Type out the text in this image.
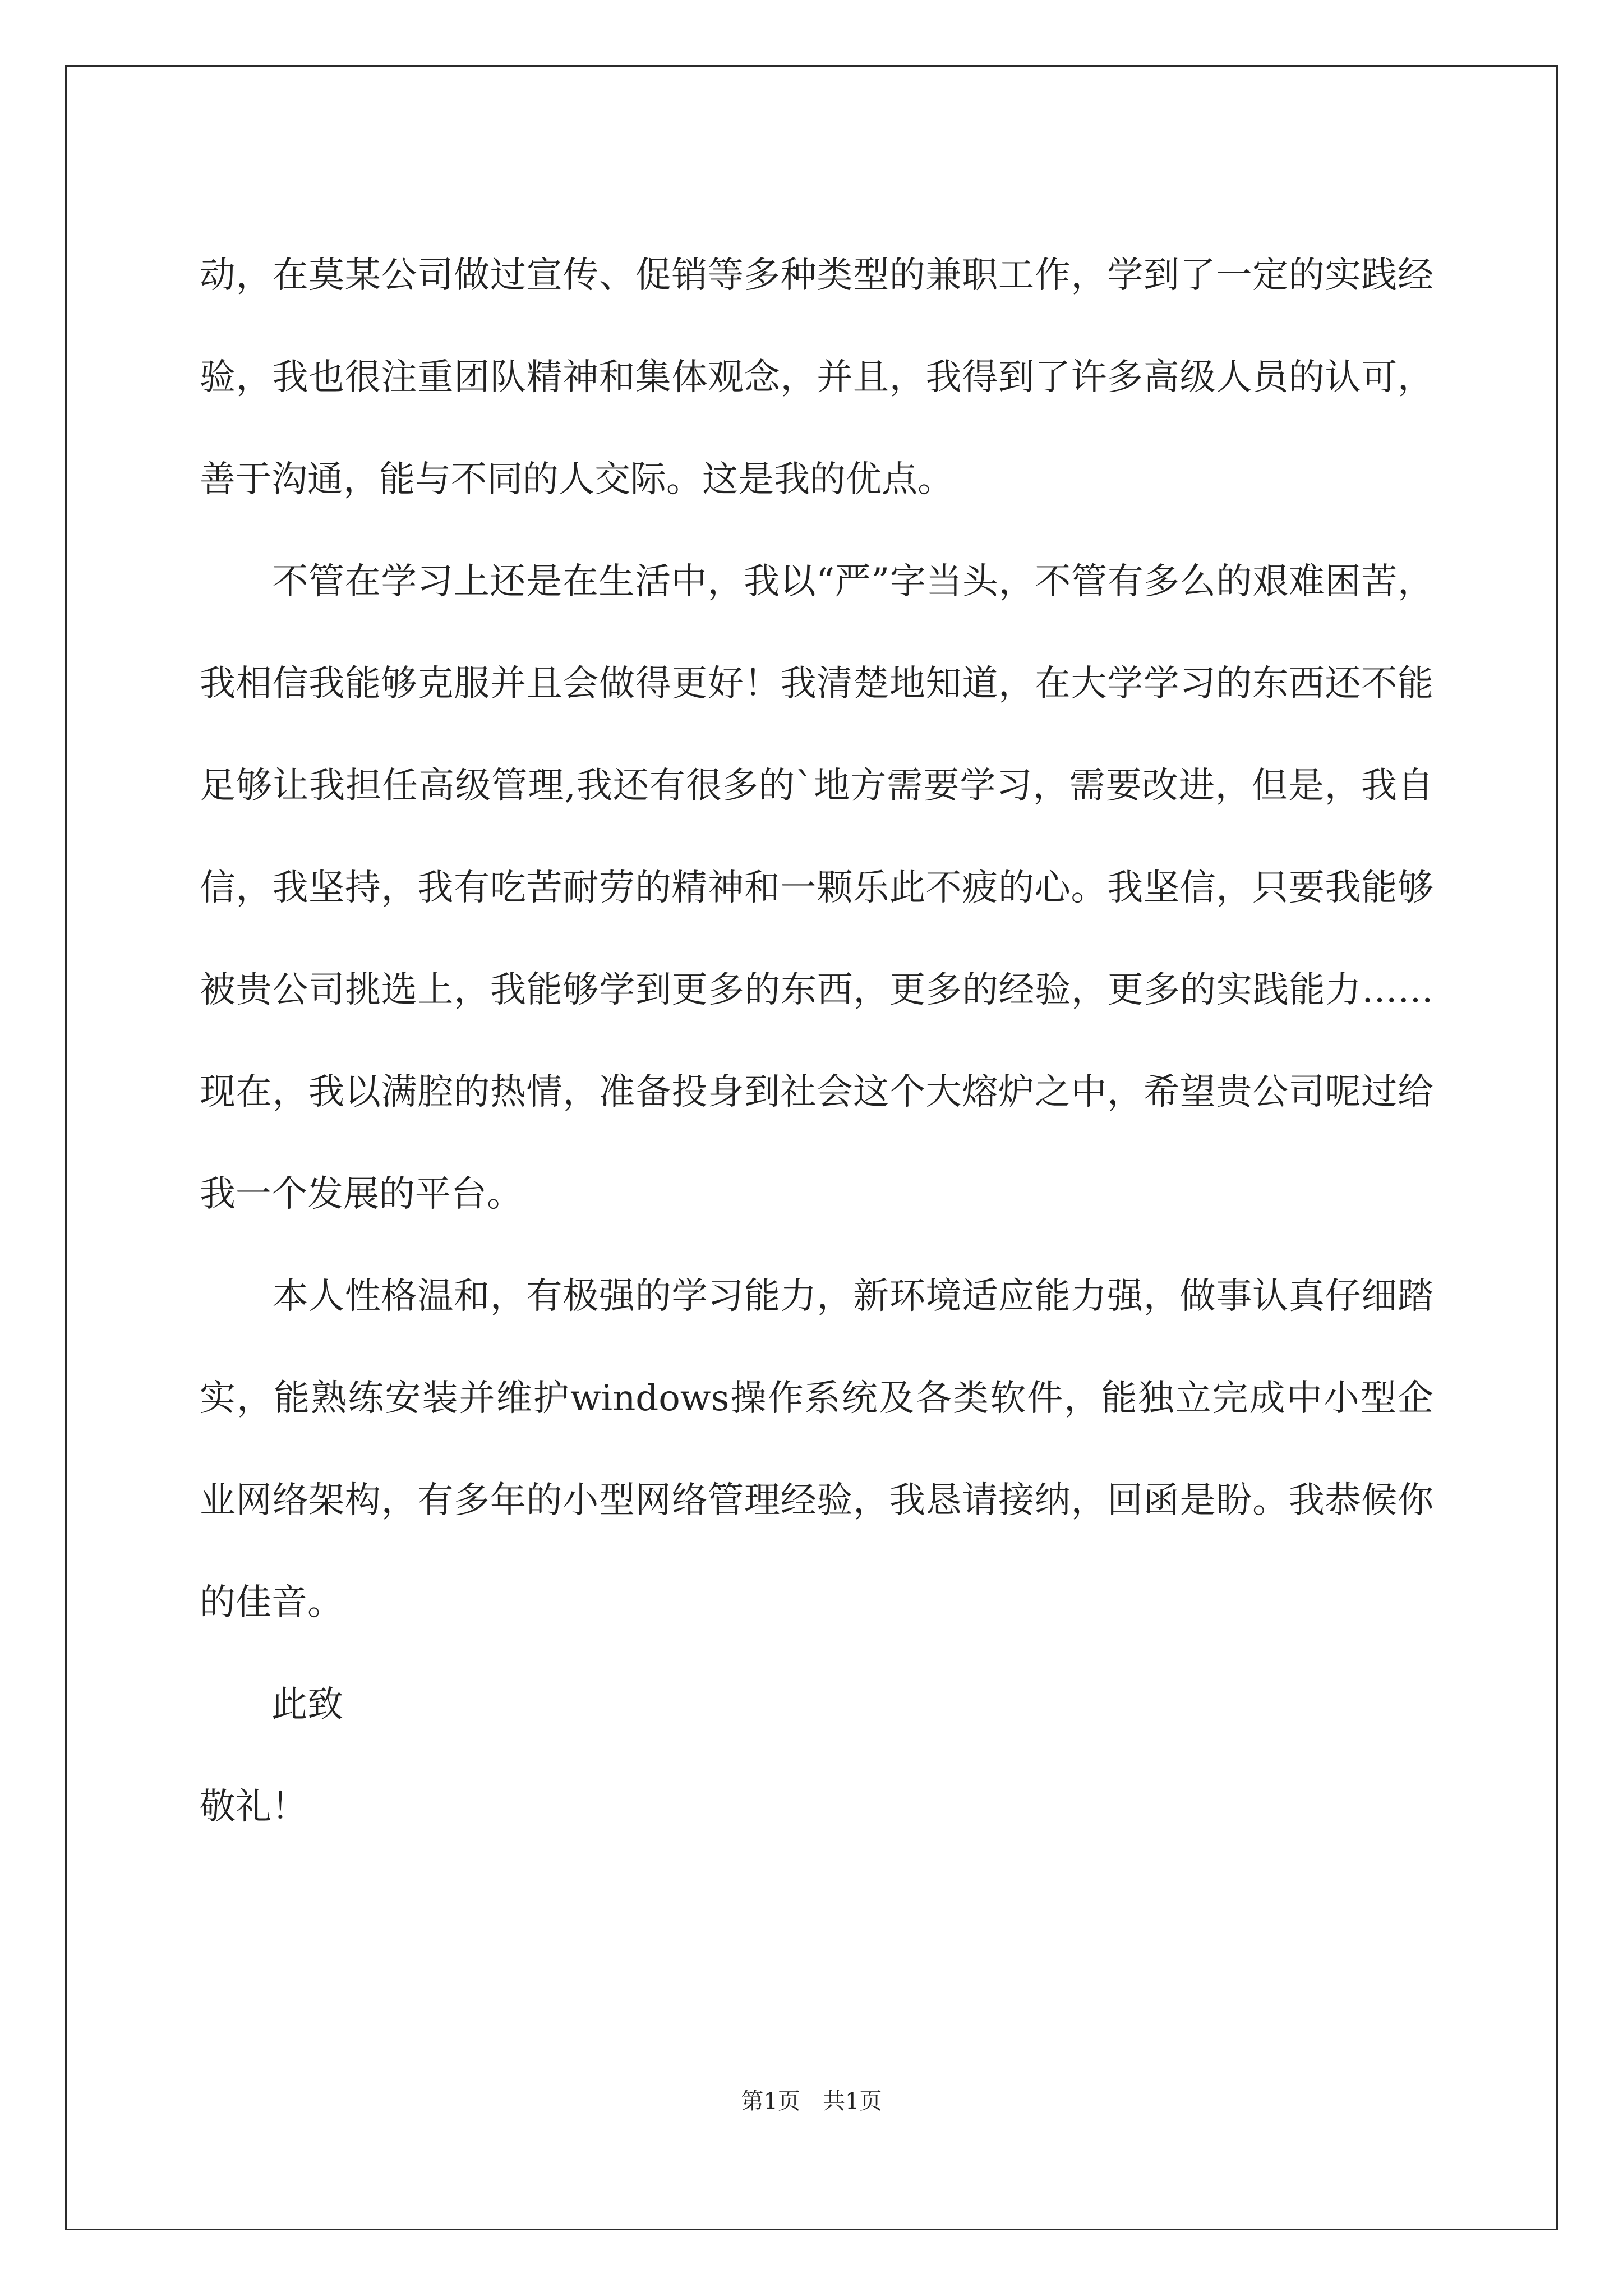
动，在莫某公司做过宣传、促销等多种类型的兼职工作，学到了一定的实践经验，我也很注重团队精神和集体观念，并且，我得到了许多高级人员的认可，善于沟通，能与不同的人交际。这是我的优点。

　　不管在学习上还是在生活中，我以“严”字当头，不管有多么的艰难困苦，我相信我能够克服并且会做得更好！我清楚地知道，在大学学习的东西还不能足够让我担任高级管理,我还有很多的`地方需要学习，需要改进，但是，我自信，我坚持，我有吃苦耐劳的精神和一颗乐此不疲的心。我坚信，只要我能够被贵公司挑选上，我能够学到更多的东西，更多的经验，更多的实践能力……现在，我以满腔的热情，准备投身到社会这个大熔炉之中，希望贵公司呢过给我一个发展的平台。

　　本人性格温和，有极强的学习能力，新环境适应能力强，做事认真仔细踏实，能熟练安装并维护windows操作系统及各类软件，能独立完成中小型企业网络架构，有多年的小型网络管理经验，我恳请接纳，回函是盼。我恭候你的佳音。

　　此致

敬礼！

第1页　共1页
